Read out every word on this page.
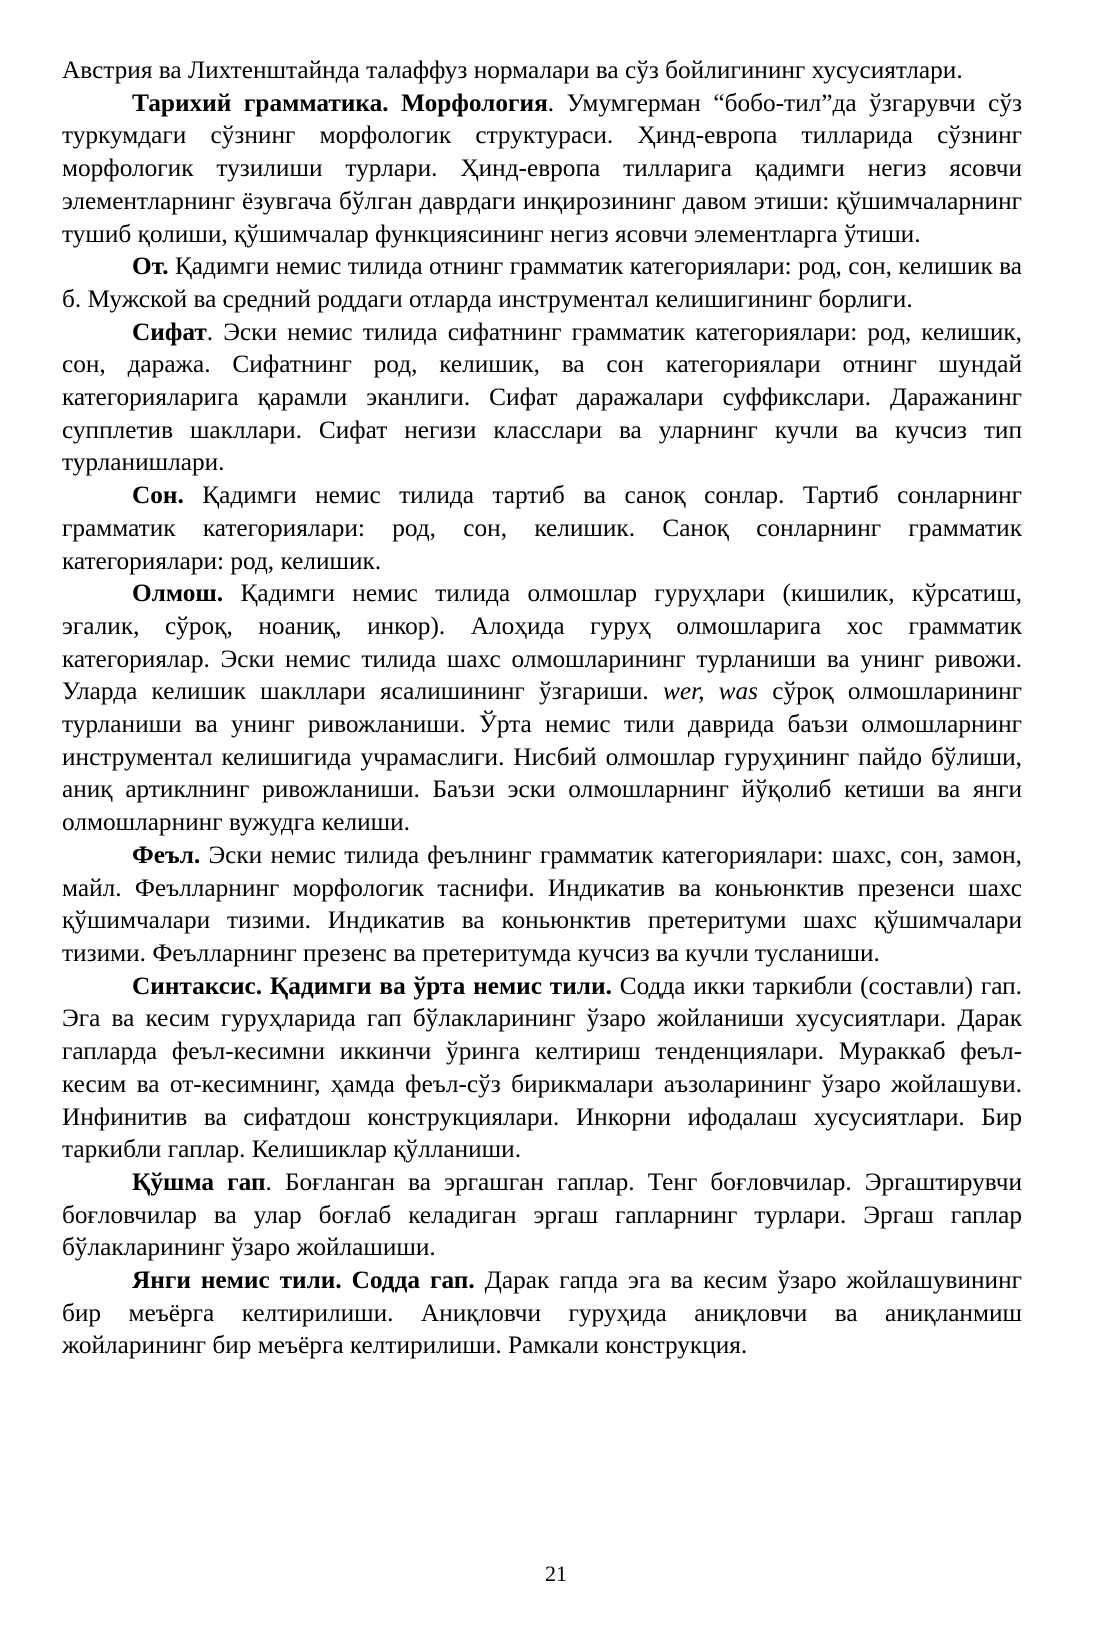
Австрия ва Лихтенштайнда талаффуз нормалари ва сўз бойлигининг хусусиятлари.

Тарихий грамматика. Морфология. Умумгерман “бобо-тил”да ўзгарувчи сўз туркумдаги сўзнинг морфологик структураси. Ҳинд-европа тилларида сўзнинг морфологик тузилиши турлари. Ҳинд-европа тилларига қадимги негиз ясовчи элементларнинг ёзувгача бўлган даврдаги инқирозининг давом этиши: қўшимчаларнинг тушиб қолиши, қўшимчалар функциясининг негиз ясовчи элементларга ўтиши.

От. Қадимги немис тилида отнинг грамматик категориялари: род, сон, келишик ва б. Мужской ва средний роддаги отларда инструментал келишигининг борлиги.

Сифат. Эски немис тилида сифатнинг грамматик категориялари: род, келишик, сон, даража. Сифатнинг род, келишик, ва сон категориялари отнинг шундай категорияларига қарамли эканлиги. Сифат даражалари суффикслари. Даражанинг супплетив шакллари. Сифат негизи класслари ва уларнинг кучли ва кучсиз тип турланишлари.

Сон. Қадимги немис тилида тартиб ва саноқ сонлар. Тартиб сонларнинг грамматик категориялари: род, сон, келишик. Саноқ сонларнинг грамматик категориялари: род, келишик.

Олмош. Қадимги немис тилида олмошлар гуруҳлари (кишилик, кўрсатиш, эгалик, сўроқ, ноаниқ, инкор). Алоҳида гуруҳ олмошларига хос грамматик категориялар. Эски немис тилида шахс олмошларининг турланиши ва унинг ривожи. Уларда келишик шакллари ясалишининг ўзгариши. wer, was сўроқ олмошларининг турланиши ва унинг ривожланиши. Ўрта немис тили даврида баъзи олмошларнинг инструментал келишигида учрамаслиги. Нисбий олмошлар гуруҳининг пайдо бўлиши, аниқ артиклнинг ривожланиши. Баъзи эски олмошларнинг йўқолиб кетиши ва янги олмошларнинг вужудга келиши.

Феъл. Эски немис тилида феълнинг грамматик категориялари: шахс, сон, замон, майл. Феълларнинг морфологик таснифи. Индикатив ва коньюнктив презенси шахс қўшимчалари тизими. Индикатив ва коньюнктив претеритуми шахс қўшимчалари тизими. Феълларнинг презенс ва претеритумда кучсиз ва кучли тусланиши.

Синтаксис. Қадимги ва ўрта немис тили. Содда икки таркибли (составли) гап. Эга ва кесим гуруҳларида гап бўлакларининг ўзаро жойланиши хусусиятлари. Дарак гапларда феъл-кесимни иккинчи ўринга келтириш тенденциялари. Мураккаб феъл-кесим ва от-кесимнинг, ҳамда феъл-сўз бирикмалари аъзоларининг ўзаро жойлашуви. Инфинитив ва сифатдош конструкциялари. Инкорни ифодалаш хусусиятлари. Бир таркибли гаплар. Келишиклар қўлланиши.

Қўшма гап. Боғланган ва эргашган гаплар. Тенг боғловчилар. Эргаштирувчи боғловчилар ва улар боғлаб келадиган эргаш гапларнинг турлари. Эргаш гаплар бўлакларининг ўзаро жойлашиши.

Янги немис тили. Содда гап. Дарак гапда эга ва кесим ўзаро жойлашувининг бир меъёрга келтирилиши. Аниқловчи гуруҳида аниқловчи ва аниқланмиш жойларининг бир меъёрга келтирилиши. Рамкали конструкция.

21
